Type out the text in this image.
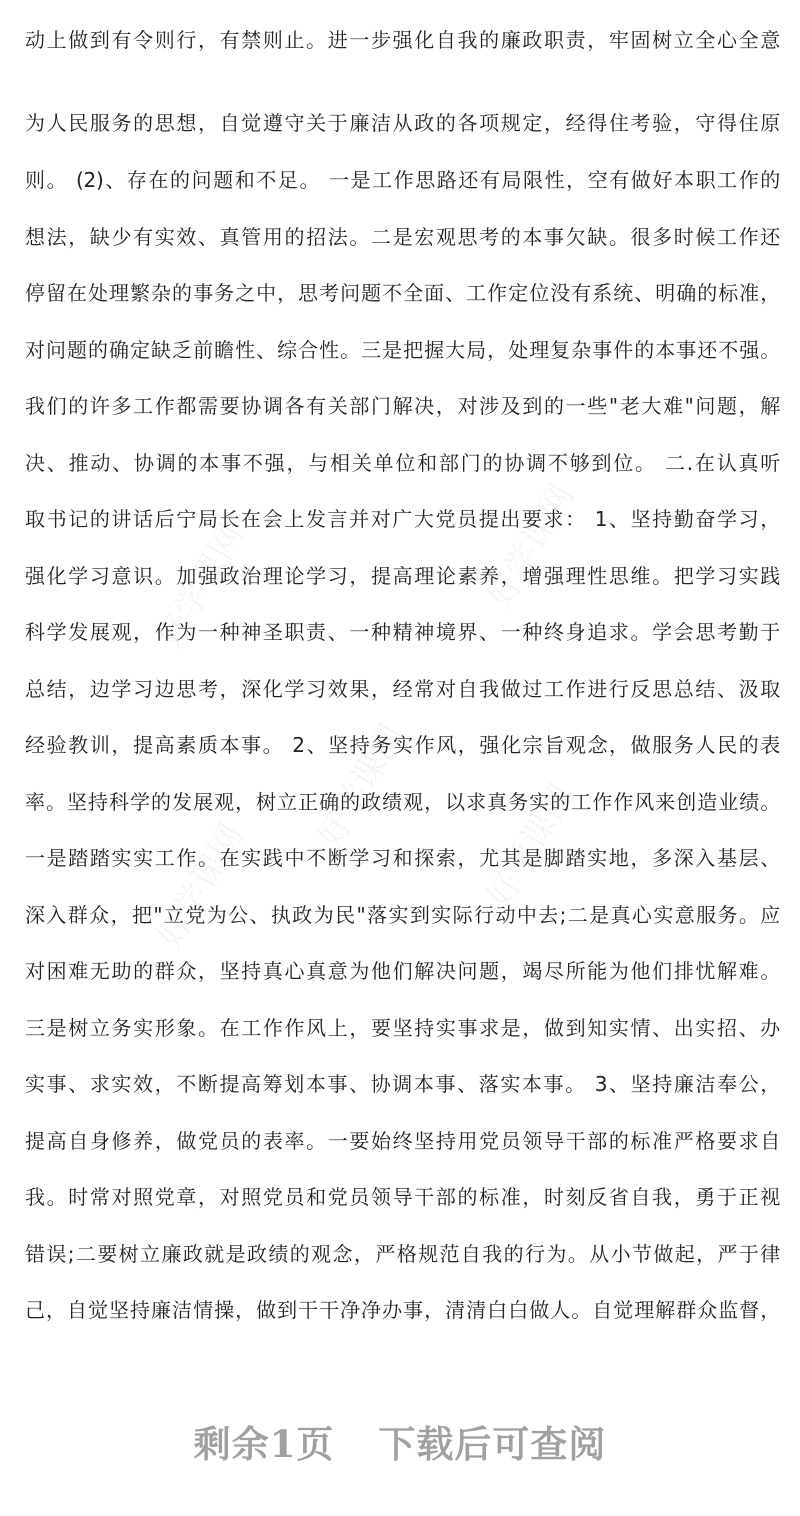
动上做到有令则行，有禁则止。进一步强化自我的廉政职责，牢固树立全心全意
为人民服务的思想，自觉遵守关于廉洁从政的各项规定，经得住考验，守得住原
则。 (2)、存在的问题和不足。 一是工作思路还有局限性，空有做好本职工作的
想法，缺少有实效、真管用的招法。二是宏观思考的本事欠缺。很多时候工作还
停留在处理繁杂的事务之中，思考问题不全面、工作定位没有系统、明确的标准，
对问题的确定缺乏前瞻性、综合性。三是把握大局，处理复杂事件的本事还不强。
我们的许多工作都需要协调各有关部门解决，对涉及到的一些"老大难"问题，解
决、推动、协调的本事不强，与相关单位和部门的协调不够到位。 二.在认真听
取书记的讲话后宁局长在会上发言并对广大党员提出要求： 1、坚持勤奋学习，
强化学习意识。加强政治理论学习，提高理论素养，增强理性思维。把学习实践
科学发展观，作为一种神圣职责、一种精神境界、一种终身追求。学会思考勤于
总结，边学习边思考，深化学习效果，经常对自我做过工作进行反思总结、汲取
经验教训，提高素质本事。 2、坚持务实作风，强化宗旨观念，做服务人民的表
率。坚持科学的发展观，树立正确的政绩观，以求真务实的工作作风来创造业绩。
一是踏踏实实工作。在实践中不断学习和探索，尤其是脚踏实地，多深入基层、
深入群众，把"立党为公、执政为民"落实到实际行动中去;二是真心实意服务。应
对困难无助的群众，坚持真心真意为他们解决问题，竭尽所能为他们排忧解难。
三是树立务实形象。在工作作风上，要坚持实事求是，做到知实情、出实招、办
实事、求实效，不断提高筹划本事、协调本事、落实本事。 3、坚持廉洁奉公，
提高自身修养，做党员的表率。一要始终坚持用党员领导干部的标准严格要求自
我。时常对照党章，对照党员和党员领导干部的标准，时刻反省自我，勇于正视
错误;二要树立廉政就是政绩的观念，严格规范自我的行为。从小节做起，严于律
己，自觉坚持廉洁情操，做到干干净净办事，清清白白做人。自觉理解群众监督，
剩余1页 下载后可查阅
